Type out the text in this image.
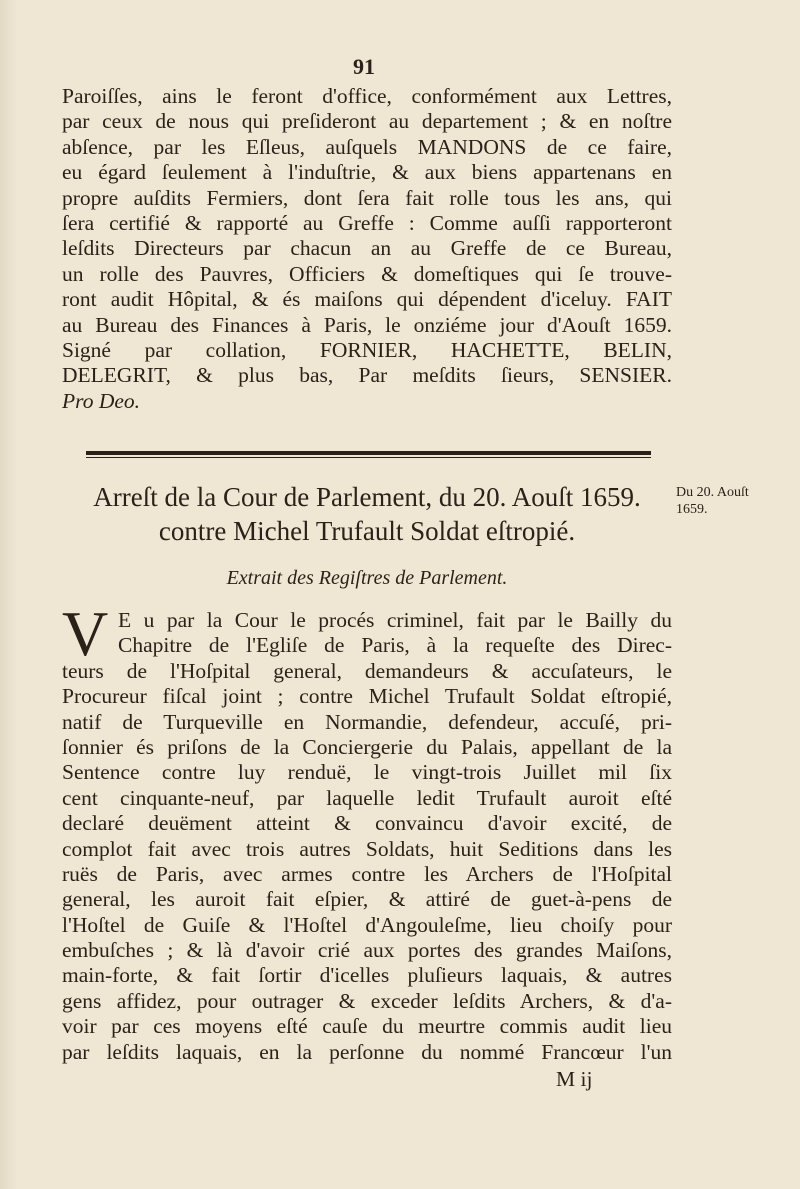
91
Paroiſſes, ains le feront d'office, conformément aux Lettres,
par ceux de nous qui preſideront au departement ; & en noſtre
abſence, par les Eſleus, auſquels MANDONS de ce faire,
eu égard ſeulement à l'induſtrie, & aux biens appartenans en
propre auſdits Fermiers, dont ſera fait rolle tous les ans, qui
ſera certifié & rapporté au Greffe : Comme auſſi rapporteront
leſdits Directeurs par chacun an au Greffe de ce Bureau,
un rolle des Pauvres, Officiers & domeſtiques qui ſe trouve-
ront audit Hôpital, & és maiſons qui dépendent d'iceluy. FAIT
au Bureau des Finances à Paris, le onziéme jour d'Aouſt 1659.
Signé par collation, FORNIER, HACHETTE, BELIN,
DELEGRIT, & plus bas, Par meſdits ſieurs, SENSIER.
Pro Deo.
Arreſt de la Cour de Parlement, du 20. Aouſt 1659.
contre Michel Trufault Soldat eſtropié.
Du 20. Aouſt
1659.
Extrait des Regiſtres de Parlement.
V E u par la Cour le procés criminel, fait par le Bailly du
Chapitre de l'Egliſe de Paris, à la requeſte des Direc-
teurs de l'Hoſpital general, demandeurs & accuſateurs, le
Procureur fiſcal joint ; contre Michel Trufault Soldat eſtropié,
natif de Turqueville en Normandie, defendeur, accuſé, pri-
ſonnier és priſons de la Conciergerie du Palais, appellant de la
Sentence contre luy renduë, le vingt-trois Juillet mil ſix
cent cinquante-neuf, par laquelle ledit Trufault auroit eſté
declaré deuëment atteint & convaincu d'avoir excité, de
complot fait avec trois autres Soldats, huit Seditions dans les
ruës de Paris, avec armes contre les Archers de l'Hoſpital
general, les auroit fait eſpier, & attiré de guet-à-pens de
l'Hoſtel de Guiſe & l'Hoſtel d'Angouleſme, lieu choiſy pour
embuſches ; & là d'avoir crié aux portes des grandes Maiſons,
main-forte, & fait ſortir d'icelles pluſieurs laquais, & autres
gens affidez, pour outrager & exceder leſdits Archers, & d'a-
voir par ces moyens eſté cauſe du meurtre commis audit lieu
par leſdits laquais, en la perſonne du nommé Francœur l'un
M ij
